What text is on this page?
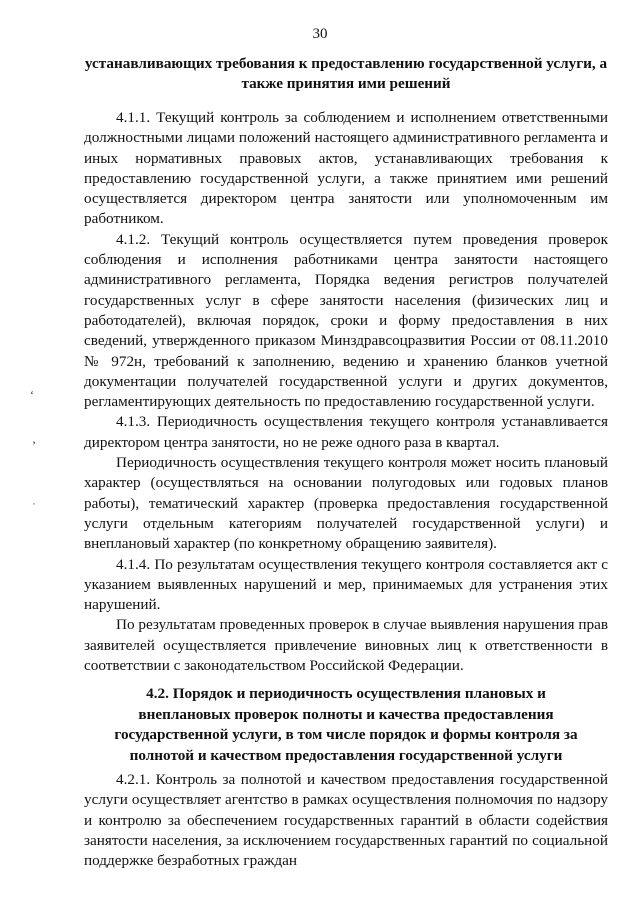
30

устанавливающих требования к предоставлению государственной услуги, а также принятия ими решений

4.1.1. Текущий контроль за соблюдением и исполнением ответственными должностными лицами положений настоящего административного регламента и иных нормативных правовых актов, устанавливающих требования к предоставлению государственной услуги, а также принятием ими решений осуществляется директором центра занятости или уполномоченным им работником.

4.1.2. Текущий контроль осуществляется путем проведения проверок соблюдения и исполнения работниками центра занятости настоящего административного регламента, Порядка ведения регистров получателей государственных услуг в сфере занятости населения (физических лиц и работодателей), включая порядок, сроки и форму предоставления в них сведений, утвержденного приказом Минздравсоцразвития России от 08.11.2010 № 972н, требований к заполнению, ведению и хранению бланков учетной документации получателей государственной услуги и других документов, регламентирующих деятельность по предоставлению государственной услуги.

4.1.3. Периодичность осуществления текущего контроля устанавливается директором центра занятости, но не реже одного раза в квартал.

Периодичность осуществления текущего контроля может носить плановый характер (осуществляться на основании полугодовых или годовых планов работы), тематический характер (проверка предоставления государственной услуги отдельным категориям получателей государственной услуги) и внеплановый характер (по конкретному обращению заявителя).

4.1.4. По результатам осуществления текущего контроля составляется акт с указанием выявленных нарушений и мер, принимаемых для устранения этих нарушений.

По результатам проведенных проверок в случае выявления нарушения прав заявителей осуществляется привлечение виновных лиц к ответственности в соответствии с законодательством Российской Федерации.

4.2. Порядок и периодичность осуществления плановых и внеплановых проверок полноты и качества предоставления государственной услуги, в том числе порядок и формы контроля за полнотой и качеством предоставления государственной услуги

4.2.1. Контроль за полнотой и качеством предоставления государственной услуги осуществляет агентство в рамках осуществления полномочия по надзору и контролю за обеспечением государственных гарантий в области содействия занятости населения, за исключением государственных гарантий по социальной поддержке безработных граждан

‘
’
˙
